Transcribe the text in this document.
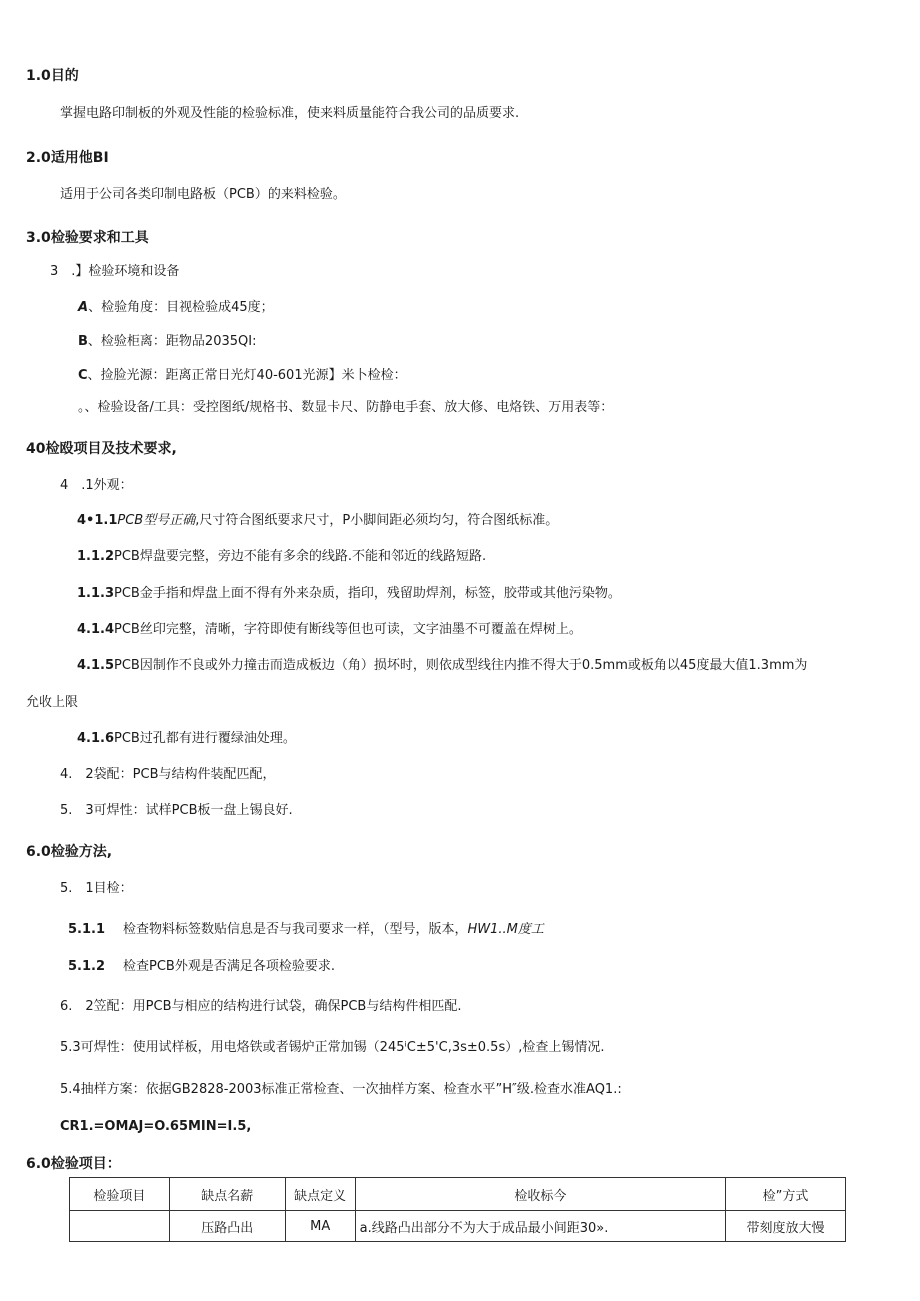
1.0目的
掌握电路印制板的外观及性能的检验标准，使来料质量能符合我公司的品质要求.
2.0适用他BI
适用于公司各类印制电路板（PCB）的来料检验。
3.0检验要求和工具
3　.】检验环境和设备
A、检验角度：目视检验成45度；
B、检验柜离：距物品2035QI:
C、捡脸光源：距离正常日光灯40-601光源】米卜检检：
。、检验设备/工具：受控图纸/规格书、数显卡尺、防静电手套、放大修、电烙铁、万用表等：
40检殴项目及技术要求,
4　.1外观：
4•1.1PCB型号正确,尺寸符合图纸要求尺寸，P小脚间距必须均匀，符合图纸标准。
1.1.2PCB焊盘要完整，旁边不能有多余的线路.不能和邻近的线路短路.
1.1.3PCB金手指和焊盘上面不得有外来杂质，指印，残留助焊剂，标签，胶带或其他污染物。
4.1.4PCB丝印完整，清晰，字符即使有断线等但也可读，文字油墨不可覆盖在焊树上。
4.1.5PCB因制作不良或外力撞击而造成板边（角）损坏时，则依成型线往内推不得大于0.5mm或板角以45度最大值1.3mm为
允收上限
4.1.6PCB过孔都有进行覆绿油处理。
4.　2袋配：PCB与结构件装配匹配，
5.　3可焊性：试样PCB板一盘上锡良好.
6.0检验方法,
5.　1目检：
5.1.1 检查物料标签数贴信息是否与我司要求一样，（型号，版本，HW1..M度工
5.1.2 检查PCB外观是否满足各项检验要求.
6.　2笠配：用PCB与相应的结构进行试袋，确保PCB与结构件相匹配.
5.3可焊性：使用试样板，用电烙铁或者锡炉正常加锡（245ⁱC±5'C,3s±0.5s）,检查上锡情况.
5.4抽样方案：依据GB2828-2003标准正常检查、一次抽样方案、检查水平”H″级.检查水准AQ1.:
CR1.=OMAJ=O.65MIN=I.5,
6.0检验项目：
检验项目	缺点名薪	缺点定义	检收标今	检”方式
	压路凸出	MA	a.线路凸出部分不为大于成品最小间距30».	带刻度放大慢
